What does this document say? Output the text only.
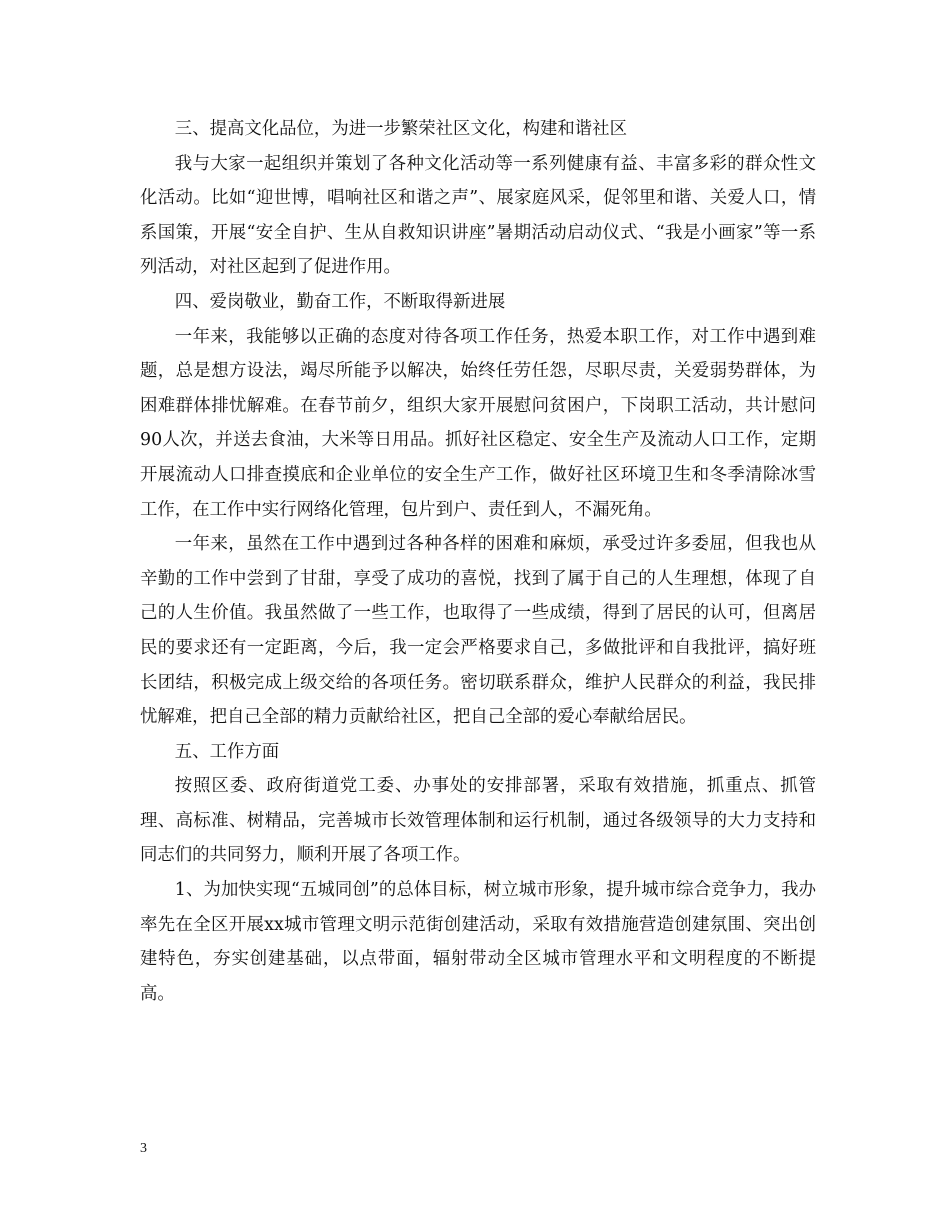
三、提高文化品位，为进一步繁荣社区文化，构建和谐社区

我与大家一起组织并策划了各种文化活动等一系列健康有益、丰富多彩的群众性文化活动。比如“迎世博，唱响社区和谐之声”、展家庭风采，促邻里和谐、关爱人口，情系国策，开展“安全自护、生从自救知识讲座”暑期活动启动仪式、“我是小画家”等一系列活动，对社区起到了促进作用。

四、爱岗敬业，勤奋工作，不断取得新进展

一年来，我能够以正确的态度对待各项工作任务，热爱本职工作，对工作中遇到难题，总是想方设法，竭尽所能予以解决，始终任劳任怨，尽职尽责，关爱弱势群体，为困难群体排忧解难。在春节前夕，组织大家开展慰问贫困户，下岗职工活动，共计慰问90人次，并送去食油，大米等日用品。抓好社区稳定、安全生产及流动人口工作，定期开展流动人口排查摸底和企业单位的安全生产工作，做好社区环境卫生和冬季清除冰雪工作，在工作中实行网络化管理，包片到户、责任到人，不漏死角。

一年来，虽然在工作中遇到过各种各样的困难和麻烦，承受过许多委屈，但我也从辛勤的工作中尝到了甘甜，享受了成功的喜悦，找到了属于自己的人生理想，体现了自己的人生价值。我虽然做了一些工作，也取得了一些成绩，得到了居民的认可，但离居民的要求还有一定距离，今后，我一定会严格要求自己，多做批评和自我批评，搞好班长团结，积极完成上级交给的各项任务。密切联系群众，维护人民群众的利益，我民排忧解难，把自己全部的精力贡献给社区，把自己全部的爱心奉献给居民。

五、工作方面

按照区委、政府街道党工委、办事处的安排部署，采取有效措施，抓重点、抓管理、高标准、树精品，完善城市长效管理体制和运行机制，通过各级领导的大力支持和同志们的共同努力，顺利开展了各项工作。

1、为加快实现“五城同创”的总体目标，树立城市形象，提升城市综合竞争力，我办率先在全区开展xx城市管理文明示范街创建活动，采取有效措施营造创建氛围、突出创建特色，夯实创建基础，以点带面，辐射带动全区城市管理水平和文明程度的不断提高。

3
